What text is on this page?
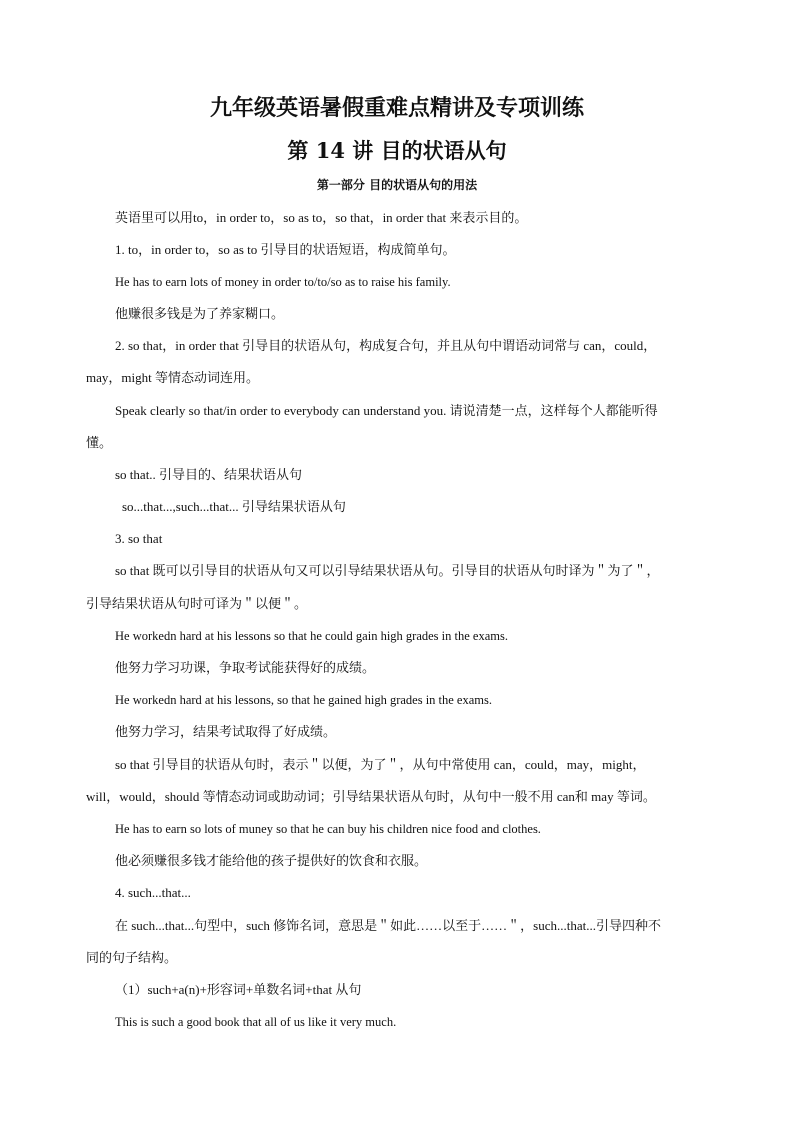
九年级英语暑假重难点精讲及专项训练
第 14 讲 目的状语从句
第一部分 目的状语从句的用法

英语里可以用to，in order to，so as to，so that，in order that 来表示目的。

1. to，in order to，so as to 引导目的状语短语，构成简单句。

He has to earn lots of money in order to/to/so as to raise his family.

他赚很多钱是为了养家糊口。

2. so that，in order that 引导目的状语从句，构成复合句，并且从句中谓语动词常与 can，could，

may，might 等情态动词连用。

Speak clearly so that/in order to everybody can understand you. 请说清楚一点，这样每个人都能听得

懂。

so that.. 引导目的、结果状语从句

so...that...,such...that... 引导结果状语从句

3. so that

so that 既可以引导目的状语从句又可以引导结果状语从句。引导目的状语从句时译为＂为了＂，

引导结果状语从句时可译为＂以便＂。

He workedn hard at his lessons so that he could gain high grades in the exams.

他努力学习功课，争取考试能获得好的成绩。

He workedn hard at his lessons, so that he gained high grades in the exams.

他努力学习，结果考试取得了好成绩。

so that 引导目的状语从句时，表示＂以便，为了＂，从句中常使用 can，could，may，might，

will，would，should 等情态动词或助动词；引导结果状语从句时，从句中一般不用 can和 may 等词。

He has to earn so lots of muney so that he can buy his children nice food and clothes.

他必须赚很多钱才能给他的孩子提供好的饮食和衣服。

4. such...that...

在 such...that...句型中，such 修饰名词，意思是＂如此……以至于……＂，such...that...引导四种不

同的句子结构。

（1）such+a(n)+形容词+单数名词+that 从句

This is such a good book that all of us like it very much.
